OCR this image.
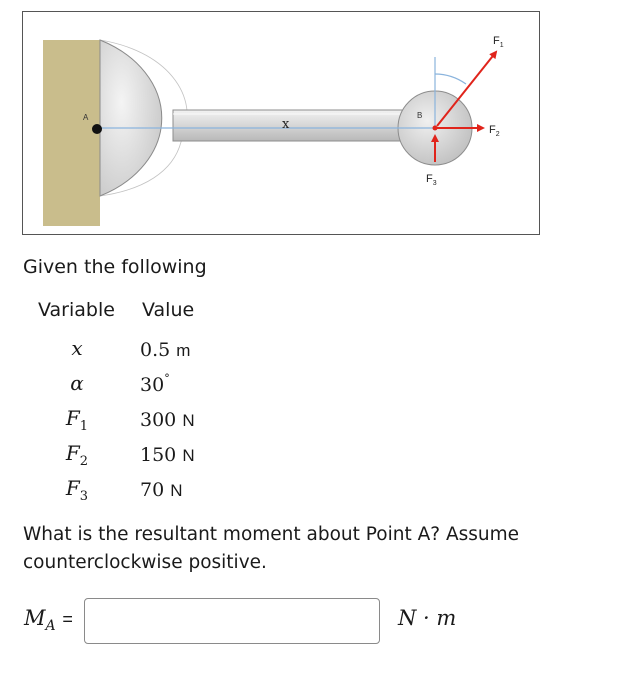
A	B
x
$F_1$
$F_2$
$F_3$
Given the following
Variable	Value
x	0.5 m
α	30°
$F_1$	300 N
$F_2$	150 N
$F_3$	70 N
What is the resultant moment about Point A? Assume counterclockwise positive.
$M_A$ =	N · m
